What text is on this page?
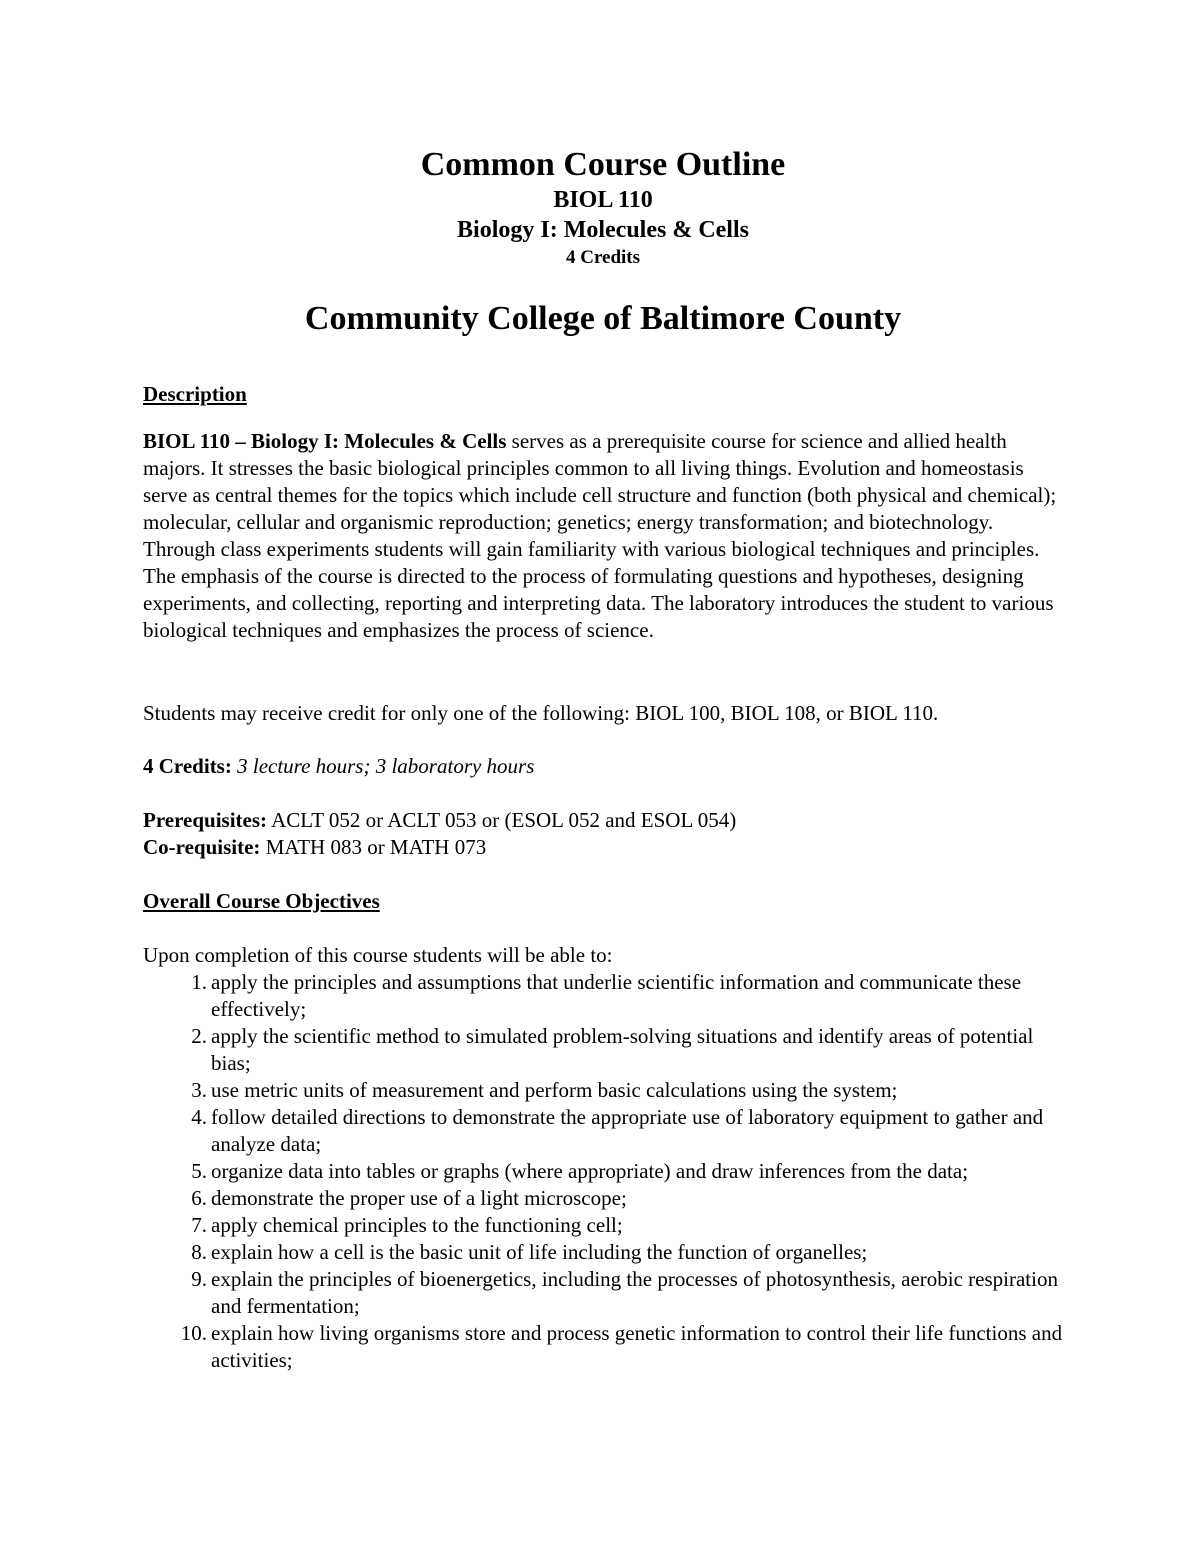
Common Course Outline
BIOL 110
Biology I: Molecules & Cells
4 Credits
Community College of Baltimore County
Description
BIOL 110 – Biology I: Molecules & Cells serves as a prerequisite course for science and allied health majors. It stresses the basic biological principles common to all living things. Evolution and homeostasis serve as central themes for the topics which include cell structure and function (both physical and chemical); molecular, cellular and organismic reproduction; genetics; energy transformation; and biotechnology. Through class experiments students will gain familiarity with various biological techniques and principles. The emphasis of the course is directed to the process of formulating questions and hypotheses, designing experiments, and collecting, reporting and interpreting data. The laboratory introduces the student to various biological techniques and emphasizes the process of science.
Students may receive credit for only one of the following: BIOL 100, BIOL 108, or BIOL 110.
4 Credits: 3 lecture hours; 3 laboratory hours
Prerequisites: ACLT 052 or ACLT 053 or (ESOL 052 and ESOL 054)
Co-requisite: MATH 083 or MATH 073
Overall Course Objectives
Upon completion of this course students will be able to:
1. apply the principles and assumptions that underlie scientific information and communicate these effectively;
2. apply the scientific method to simulated problem-solving situations and identify areas of potential bias;
3. use metric units of measurement and perform basic calculations using the system;
4. follow detailed directions to demonstrate the appropriate use of laboratory equipment to gather and analyze data;
5. organize data into tables or graphs (where appropriate) and draw inferences from the data;
6. demonstrate the proper use of a light microscope;
7. apply chemical principles to the functioning cell;
8. explain how a cell is the basic unit of life including the function of organelles;
9. explain the principles of bioenergetics, including the processes of photosynthesis, aerobic respiration and fermentation;
10. explain how living organisms store and process genetic information to control their life functions and activities;
